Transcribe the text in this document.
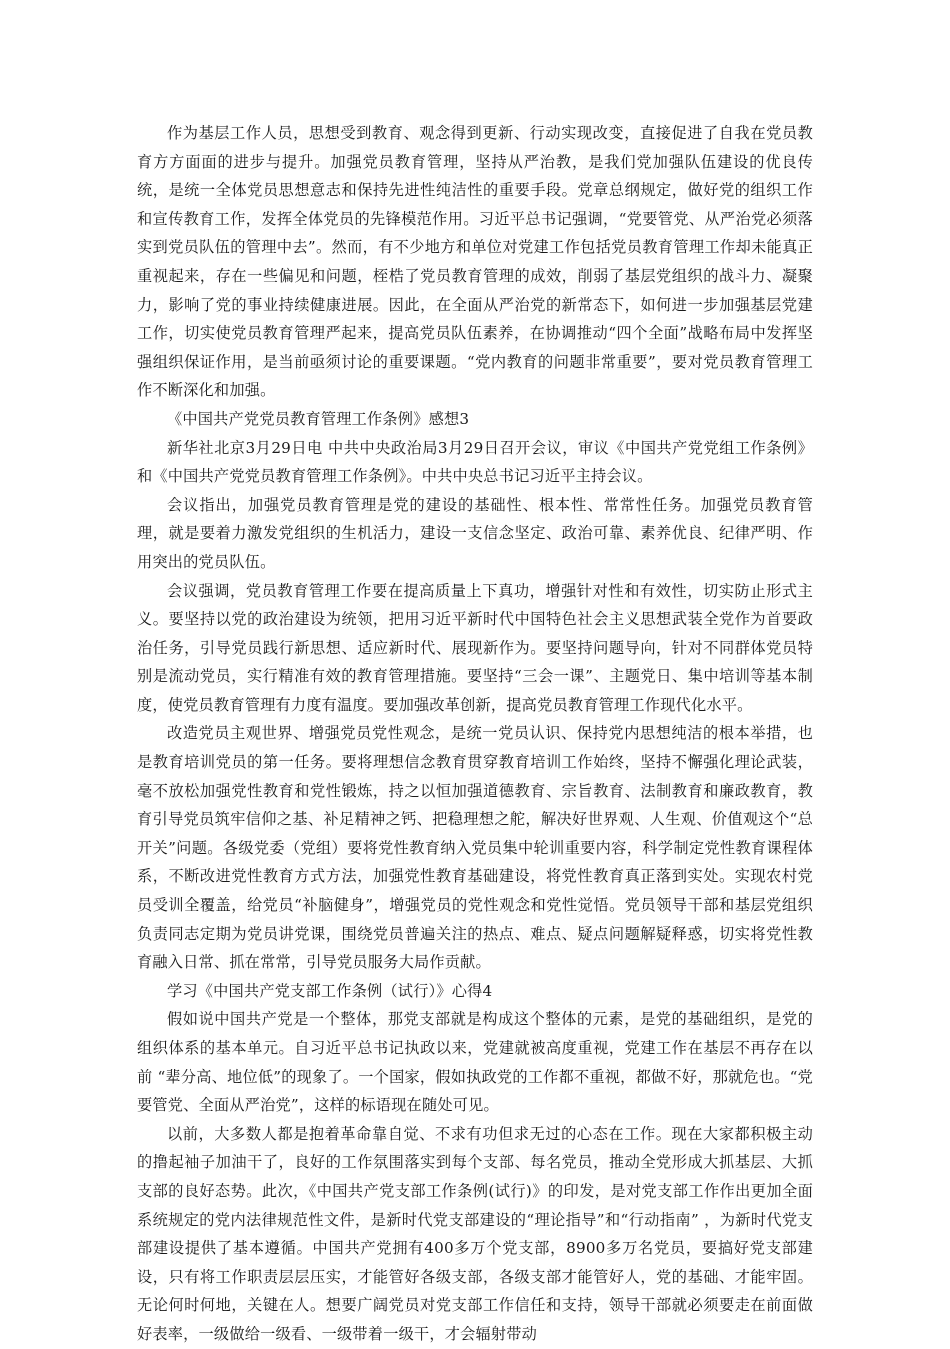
作为基层工作人员，思想受到教育、观念得到更新、行动实现改变，直接促进了自我在党员教育方方面面的进步与提升。加强党员教育管理，坚持从严治教，是我们党加强队伍建设的优良传统，是统一全体党员思想意志和保持先进性纯洁性的重要手段。党章总纲规定，做好党的组织工作和宣传教育工作，发挥全体党员的先锋模范作用。习近平总书记强调，“党要管党、从严治党必须落实到党员队伍的管理中去”。然而，有不少地方和单位对党建工作包括党员教育管理工作却未能真正重视起来，存在一些偏见和问题，桎梏了党员教育管理的成效，削弱了基层党组织的战斗力、凝聚力，影响了党的事业持续健康进展。因此，在全面从严治党的新常态下，如何进一步加强基层党建工作，切实使党员教育管理严起来，提高党员队伍素养，在协调推动“四个全面”战略布局中发挥坚强组织保证作用，是当前亟须讨论的重要课题。“党内教育的问题非常重要”，要对党员教育管理工作不断深化和加强。

《中国共产党党员教育管理工作条例》感想3

新华社北京3月29日电 中共中央政治局3月29日召开会议，审议《中国共产党党组工作条例》和《中国共产党党员教育管理工作条例》。中共中央总书记习近平主持会议。

会议指出，加强党员教育管理是党的建设的基础性、根本性、常常性任务。加强党员教育管理，就是要着力激发党组织的生机活力，建设一支信念坚定、政治可靠、素养优良、纪律严明、作用突出的党员队伍。

会议强调，党员教育管理工作要在提高质量上下真功，增强针对性和有效性，切实防止形式主义。要坚持以党的政治建设为统领，把用习近平新时代中国特色社会主义思想武装全党作为首要政治任务，引导党员践行新思想、适应新时代、展现新作为。要坚持问题导向，针对不同群体党员特别是流动党员，实行精准有效的教育管理措施。要坚持“三会一课”、主题党日、集中培训等基本制度，使党员教育管理有力度有温度。要加强改革创新，提高党员教育管理工作现代化水平。

改造党员主观世界、增强党员党性观念，是统一党员认识、保持党内思想纯洁的根本举措，也是教育培训党员的第一任务。要将理想信念教育贯穿教育培训工作始终，坚持不懈强化理论武装，毫不放松加强党性教育和党性锻炼，持之以恒加强道德教育、宗旨教育、法制教育和廉政教育，教育引导党员筑牢信仰之基、补足精神之钙、把稳理想之舵，解决好世界观、人生观、价值观这个“总开关”问题。各级党委（党组）要将党性教育纳入党员集中轮训重要内容，科学制定党性教育课程体系，不断改进党性教育方式方法，加强党性教育基础建设，将党性教育真正落到实处。实现农村党员受训全覆盖，给党员“补脑健身”，增强党员的党性观念和党性觉悟。党员领导干部和基层党组织负责同志定期为党员讲党课，围绕党员普遍关注的热点、难点、疑点问题解疑释惑，切实将党性教育融入日常、抓在常常，引导党员服务大局作贡献。

学习《中国共产党支部工作条例（试行）》心得4

假如说中国共产党是一个整体，那党支部就是构成这个整体的元素，是党的基础组织，是党的组织体系的基本单元。自习近平总书记执政以来，党建就被高度重视，党建工作在基层不再存在以前 “辈分高、地位低”的现象了。一个国家，假如执政党的工作都不重视，都做不好，那就危也。“党要管党、全面从严治党”，这样的标语现在随处可见。

以前，大多数人都是抱着革命靠自觉、不求有功但求无过的心态在工作。现在大家都积极主动的撸起袖子加油干了，良好的工作氛围落实到每个支部、每名党员，推动全党形成大抓基层、大抓支部的良好态势。此次，《中国共产党支部工作条例(试行)》的印发，是对党支部工作作出更加全面系统规定的党内法律规范性文件，是新时代党支部建设的“理论指导”和“行动指南” ，为新时代党支部建设提供了基本遵循。中国共产党拥有400多万个党支部，8900多万名党员，要搞好党支部建设，只有将工作职责层层压实，才能管好各级支部，各级支部才能管好人，党的基础、才能牢固。无论何时何地，关键在人。想要广阔党员对党支部工作信任和支持，领导干部就必须要走在前面做好表率，一级做给一级看、一级带着一级干，才会辐射带动
